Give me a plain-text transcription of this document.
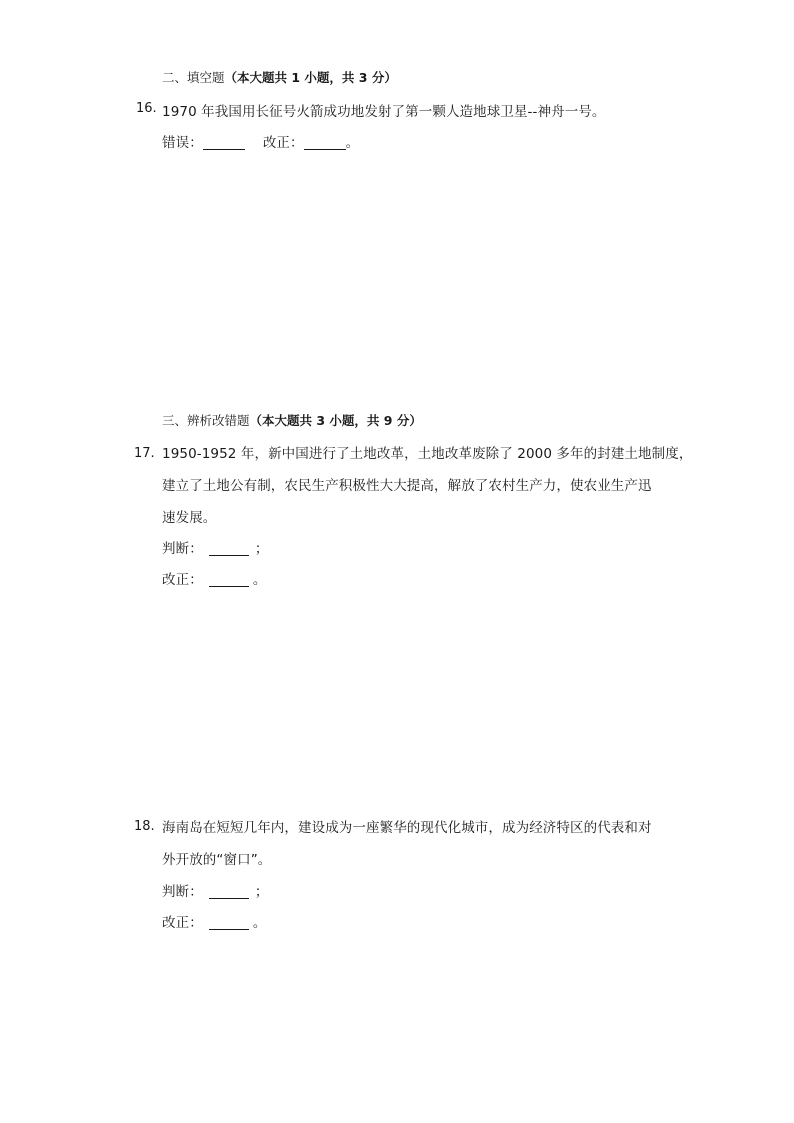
二、填空题（本大题共 1 小题，共 3 分）
16. 1970 年我国用长征号火箭成功地发射了第一颗人造地球卫星--神舟一号。
错误：	改正：	。
三、辨析改错题（本大题共 3 小题，共 9 分）
17. 1950-1952 年，新中国进行了土地改革，土地改革废除了 2000 多年的封建土地制度，
建立了土地公有制，农民生产积极性大大提高，解放了农村生产力，使农业生产迅
速发展。
判断：	；
改正：	。
18. 海南岛在短短几年内，建设成为一座繁华的现代化城市，成为经济特区的代表和对
外开放的“窗口”。
判断：	；
改正：	。
